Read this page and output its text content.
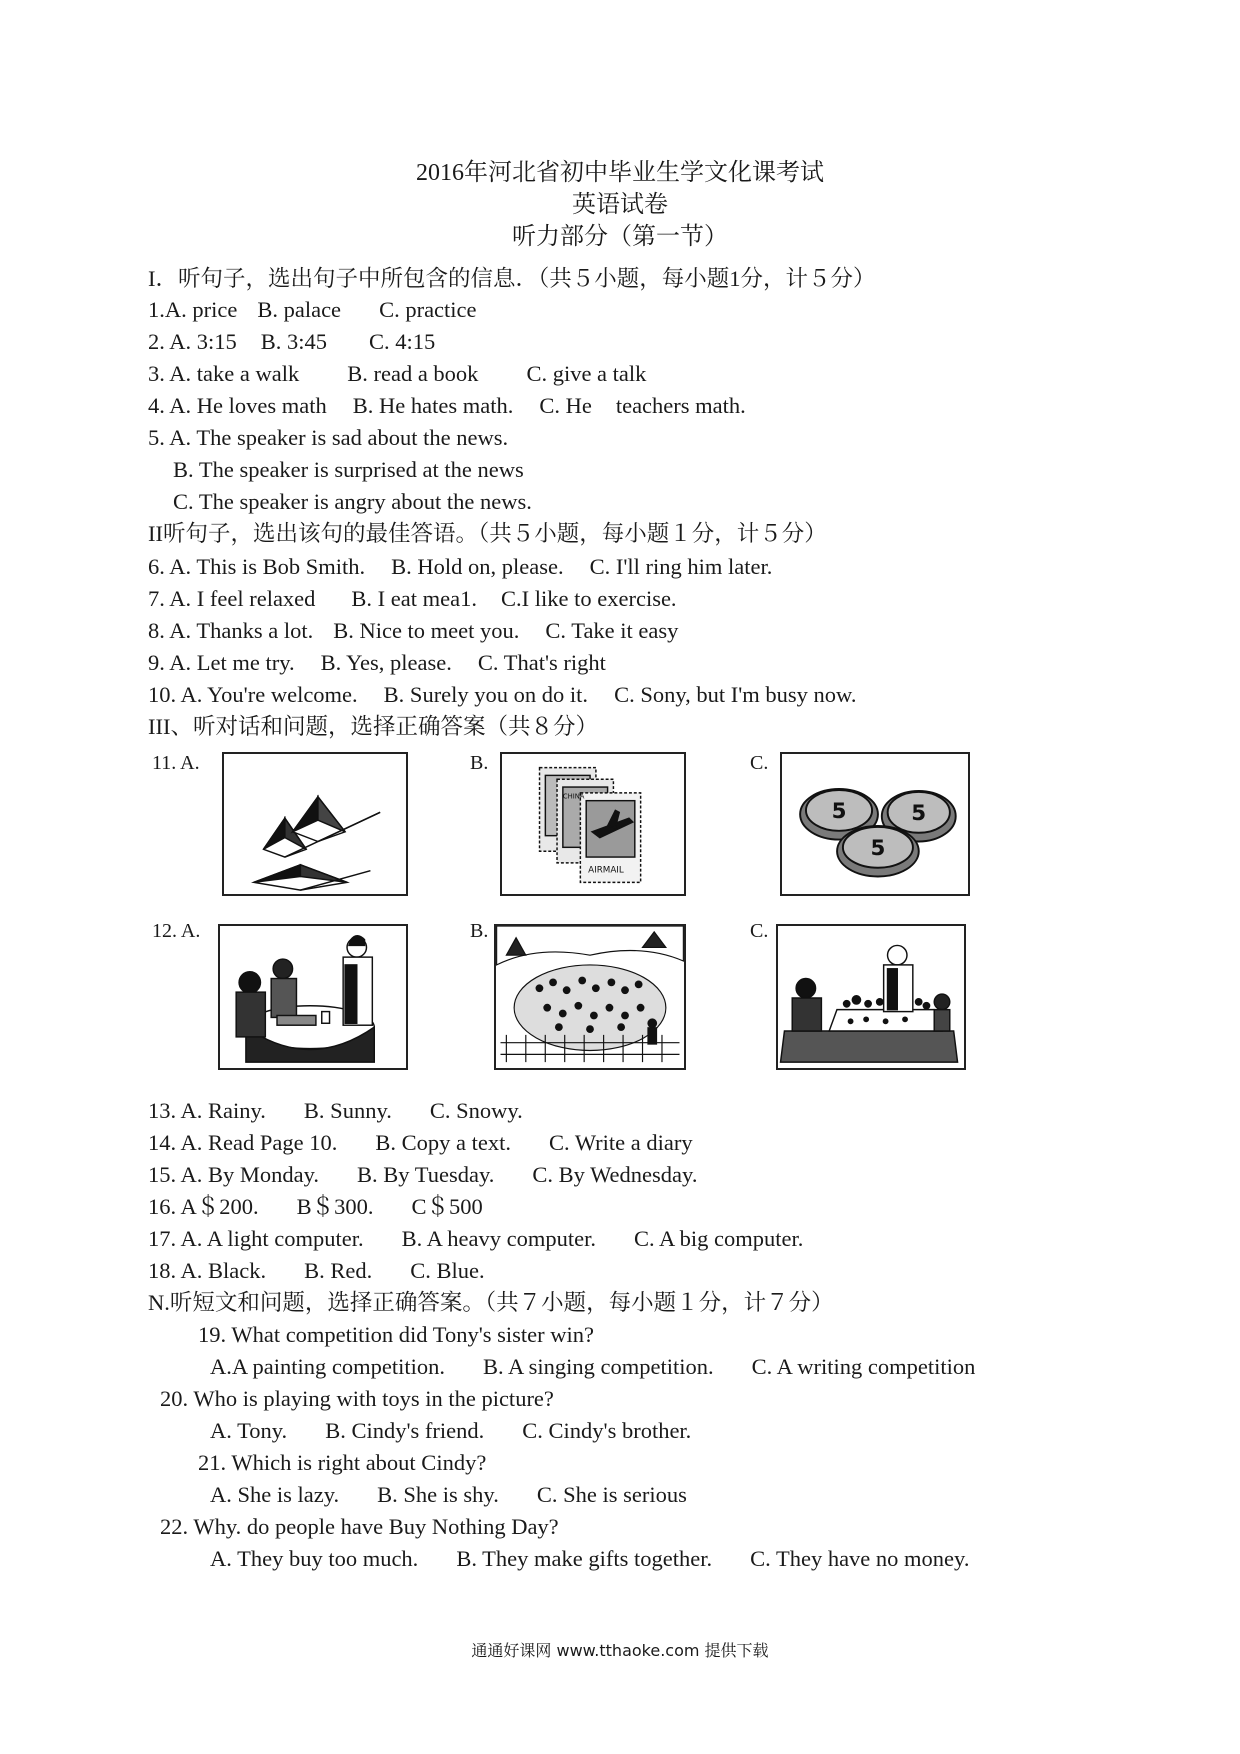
2016年河北省初中毕业生学文化课考试
英语试卷
听力部分（第一节）
I．听句子，选出句子中所包含的信息．（共５小题，每小题1分，计５分）
1.A. price B. palace C. practice
2. A. 3:15 B. 3:45 C. 4:15
3. A. take a walk B. read a book C. give a talk
4. A. He loves math B. He hates math. C. He teachers math.
5. A. The speaker is sad about the news.
B. The speaker is surprised at the news
C. The speaker is angry about the news.
II听句子，选出该句的最佳答语。（共５小题，每小题１分，计５分）
6. A. This is Bob Smith. B. Hold on, please. C. I'll ring him later.
7. A. I feel relaxed B. I eat mea1. C.I like to exercise.
8. A. Thanks a lot. B. Nice to meet you. C. Take it easy
9. A. Let me try. B. Yes, please. C. That's right
10. A. You're welcome. B. Surely you on do it. C. Sony, but I'm busy now.
III、听对话和问题，选择正确答案（共８分）
13. A. Rainy. B. Sunny. C. Snowy.
14. A. Read Page 10. B. Copy a text. C. Write a diary
15. A. By Monday. B. By Tuesday. C. By Wednesday.
16. A＄200. B＄300. C＄500
17. A. A light computer. B. A heavy computer. C. A big computer.
18. A. Black. B. Red. C. Blue.
N.听短文和问题，选择正确答案。（共７小题，每小题１分，计７分）
19. What competition did Tony's sister win?
A.A painting competition. B. A singing competition. C. A writing competition
20. Who is playing with toys in the picture?
A. Tony. B. Cindy's friend. C. Cindy's brother.
21. Which is right about Cindy?
A. She is lazy. B. She is shy. C. She is serious
22. Why. do people have Buy Nothing Day?
A. They buy too much. B. They make gifts together. C. They have no money.
11. A.	B.	C.
CHINA
AIRMAIL
5	5
5
12. A.	B.	C.
通通好课网 www.tthaoke.com 提供下载
